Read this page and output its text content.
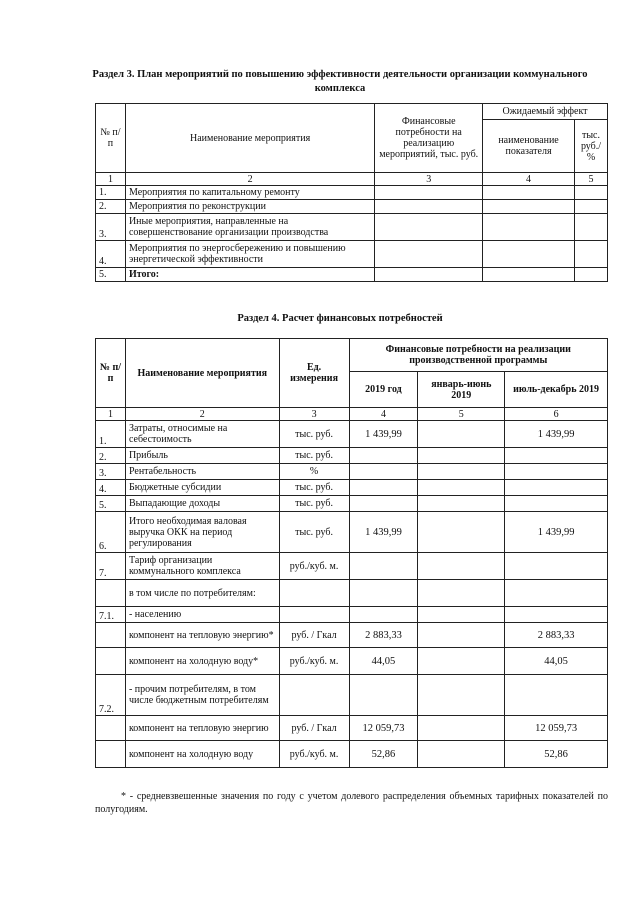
Раздел 3. План мероприятий по повышению эффективности деятельности организации коммунального комплекса
№ п/п	Наименование мероприятия	Финансовые потребности на реализацию мероприятий, тыс. руб.	Ожидаемый эффект	
			наименование показателя	тыс. руб./ %
1	2	3	4	5
1.	Мероприятия по капитальному ремонту			
2.	Мероприятия по реконструкции			
3.	Иные мероприятия, направленные на совершенствование организации производства			
4.	Мероприятия по энергосбережению и повышению энергетической эффективности			
5.	Итого:			
Раздел 4. Расчет финансовых потребностей
№ п/п	Наименование мероприятия	Ед. измерения	Финансовые потребности на реализации производственной программы		
			2019 год	январь-июнь 2019	июль-декабрь 2019
1	2	3	4	5	6
1.	Затраты, относимые на себестоимость	тыс. руб.	1 439,99		1 439,99
2.	Прибыль	тыс. руб.			
3.	Рентабельность	%			
4.	Бюджетные субсидии	тыс. руб.			
5.	Выпадающие доходы	тыс. руб.			
6.	Итого необходимая валовая выручка ОКК на период регулирования	тыс. руб.	1 439,99		1 439,99
7.	Тариф организации коммунального комплекса	руб./куб. м.			
	в том числе по потребителям:				
7.1.	- населению				
	компонент на тепловую энергию*	руб. / Гкал	2 883,33		2 883,33
	компонент на холодную воду*	руб./куб. м.	44,05		44,05
7.2.	- прочим потребителям, в том числе бюджетным потребителям				
	компонент на тепловую энергию	руб. / Гкал	12 059,73		12 059,73
	компонент на холодную воду	руб./куб. м.	52,86		52,86
* - средневзвешенные значения по году с учетом долевого распределения объемных тарифных показателей по полугодиям.
